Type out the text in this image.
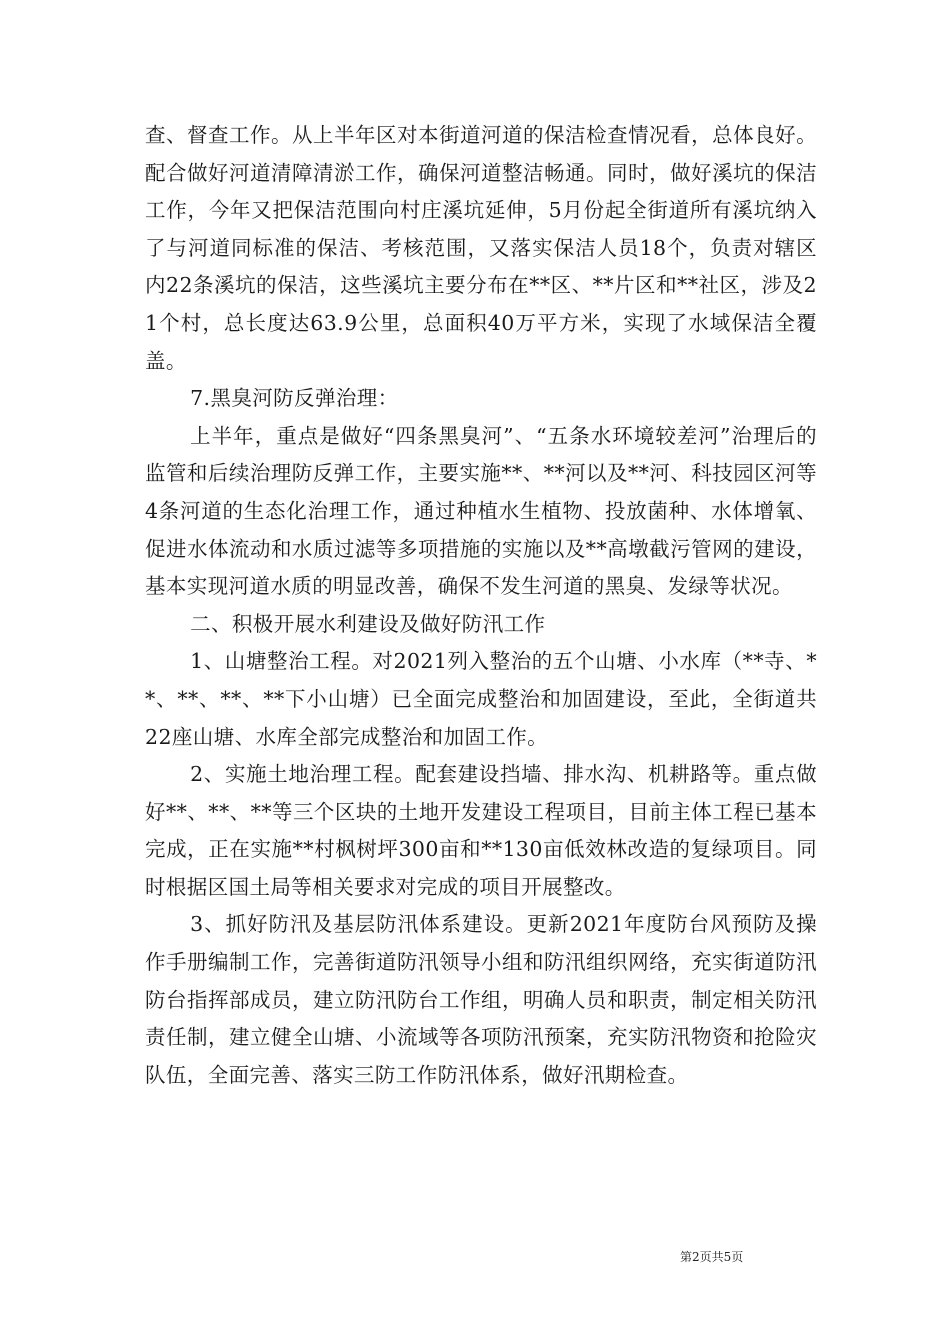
查、督查工作。从上半年区对本街道河道的保洁检查情况看，总体良好。配合做好河道清障清淤工作，确保河道整洁畅通。同时，做好溪坑的保洁工作，今年又把保洁范围向村庄溪坑延伸，5月份起全街道所有溪坑纳入了与河道同标准的保洁、考核范围，又落实保洁人员18个，负责对辖区内22条溪坑的保洁，这些溪坑主要分布在**区、**片区和**社区，涉及21个村，总长度达63.9公里，总面积40万平方米，实现了水域保洁全覆盖。

7.黑臭河防反弹治理：

上半年，重点是做好“四条黑臭河”、“五条水环境较差河”治理后的监管和后续治理防反弹工作，主要实施**、**河以及**河、科技园区河等4条河道的生态化治理工作，通过种植水生植物、投放菌种、水体增氧、促进水体流动和水质过滤等多项措施的实施以及**高墩截污管网的建设，基本实现河道水质的明显改善，确保不发生河道的黑臭、发绿等状况。

二、积极开展水利建设及做好防汛工作

1、山塘整治工程。对2021列入整治的五个山塘、小水库（**寺、**、**、**、**下小山塘）已全面完成整治和加固建设，至此，全街道共22座山塘、水库全部完成整治和加固工作。

2、实施土地治理工程。配套建设挡墙、排水沟、机耕路等。重点做好**、**、**等三个区块的土地开发建设工程项目，目前主体工程已基本完成，正在实施**村枫树坪300亩和**130亩低效林改造的复绿项目。同时根据区国土局等相关要求对完成的项目开展整改。

3、抓好防汛及基层防汛体系建设。更新2021年度防台风预防及操作手册编制工作，完善街道防汛领导小组和防汛组织网络，充实街道防汛防台指挥部成员，建立防汛防台工作组，明确人员和职责，制定相关防汛责任制，建立健全山塘、小流域等各项防汛预案，充实防汛物资和抢险灾队伍，全面完善、落实三防工作防汛体系，做好汛期检查。

第2页共5页
